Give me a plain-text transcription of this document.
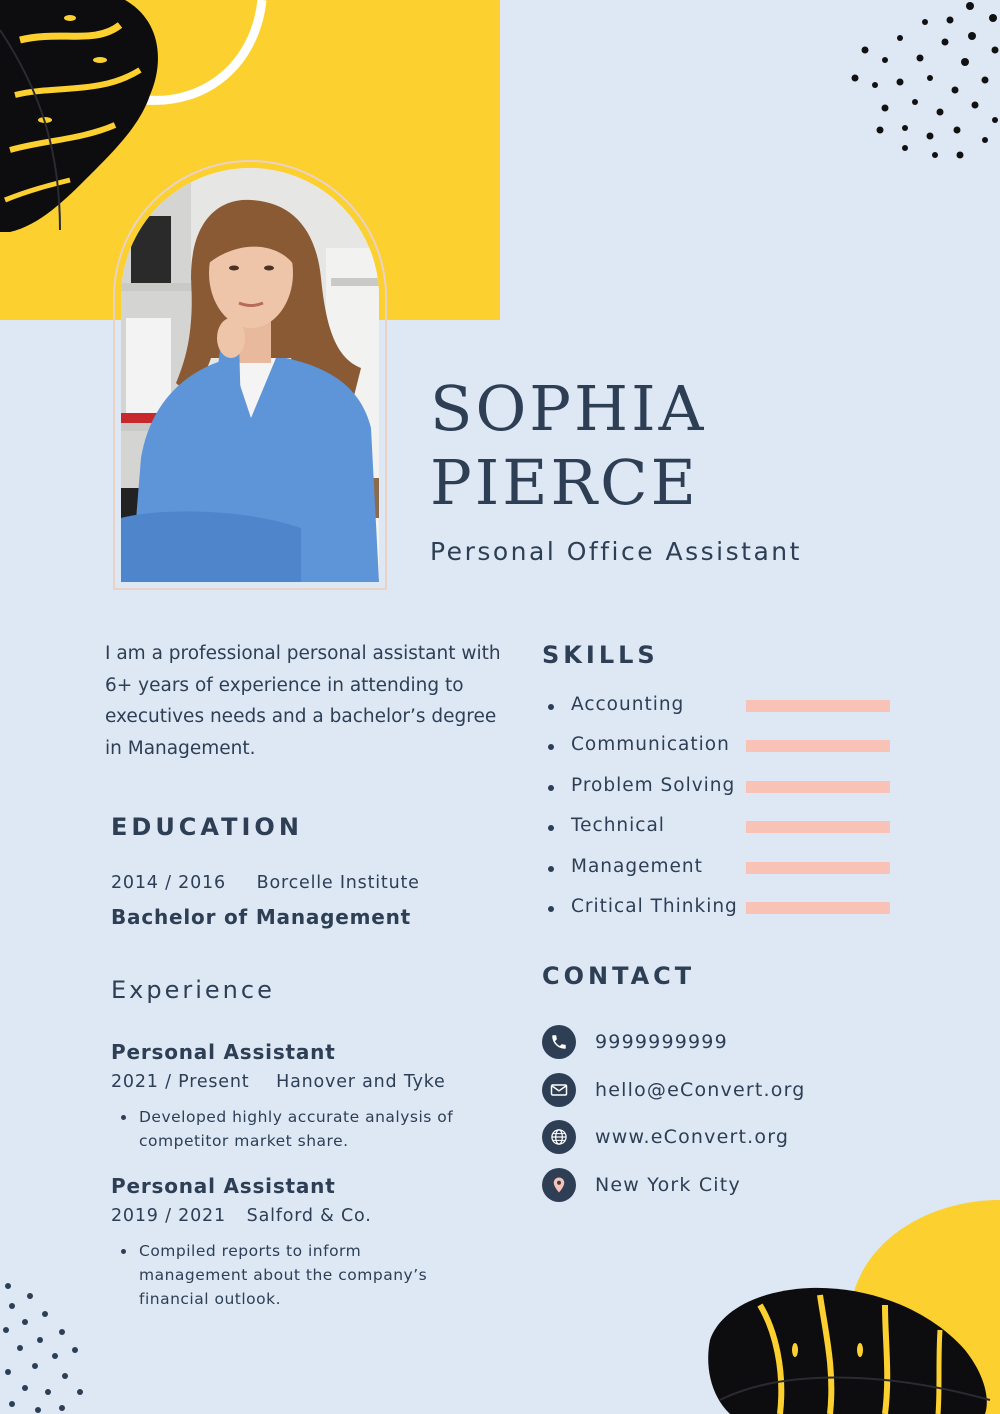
SOPHIA
PIERCE
Personal Office Assistant

I am a professional personal assistant with 6+ years of experience in attending to executives needs and a bachelor’s degree in Management.

EDUCATION
2014 / 2016 Borcelle Institute
Bachelor of Management
Experience
Personal Assistant
2021 / Present Hanover and Tyke
Developed highly accurate analysis of competitor market share.
Personal Assistant
2019 / 2021 Salford & Co.
Compiled reports to inform management about the company’s financial outlook.
SKILLS
Accounting
Communication
Problem Solving
Technical
Management
Critical Thinking
CONTACT
9999999999
hello@eConvert.org
www.eConvert.org
New York City
